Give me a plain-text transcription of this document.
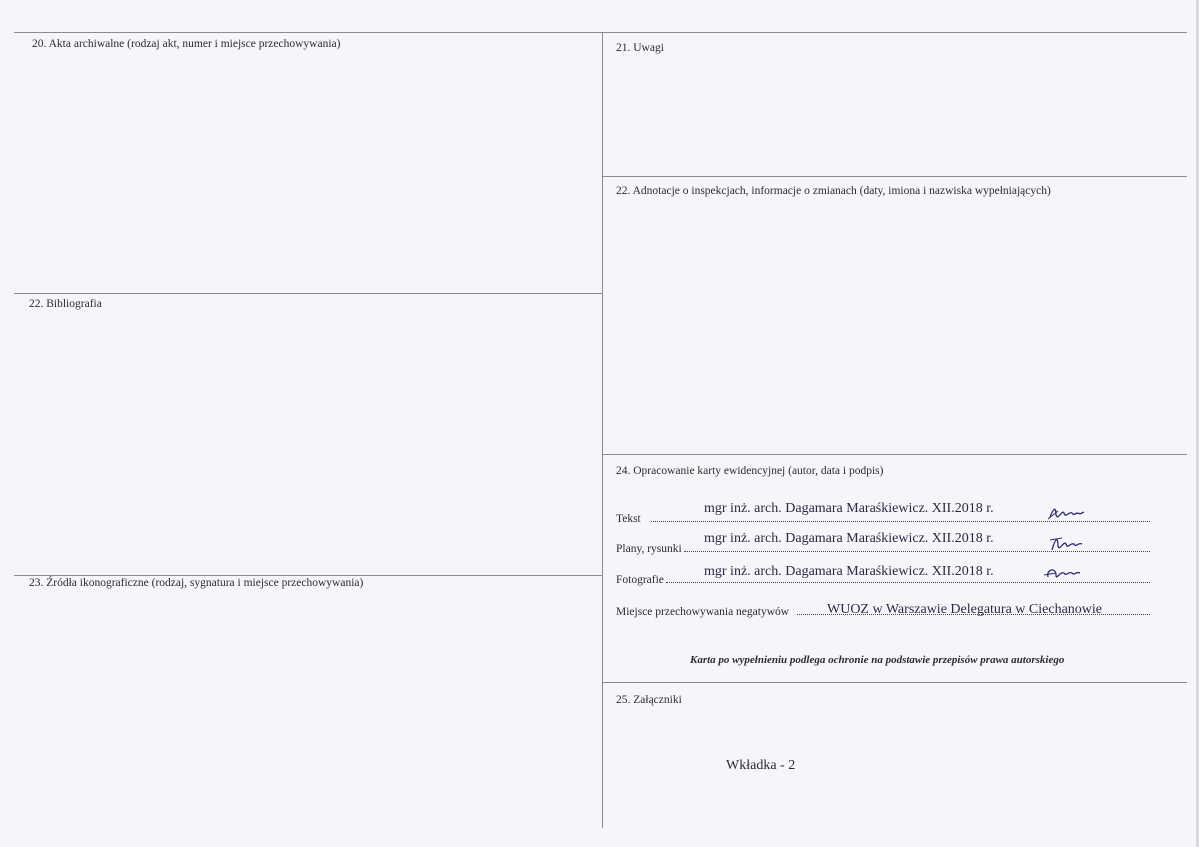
20. Akta archiwalne (rodzaj akt, numer i miejsce przechowywania)	21. Uwagi
22. Adnotacje o inspekcjach, informacje o zmianach (daty, imiona i nazwiska wypełniających)
22. Bibliografia
23. Źródła ikonograficzne (rodzaj, sygnatura i miejsce przechowywania)
24. Opracowanie karty ewidencyjnej (autor, data i podpis)
25. Załączniki
Tekst
mgr inż. arch. Dagamara Maraśkiewicz. XII.2018 r.
Plany, rysunki
mgr inż. arch. Dagamara Maraśkiewicz. XII.2018 r.
Fotografie
mgr inż. arch. Dagamara Maraśkiewicz. XII.2018 r.
Miejsce przechowywania negatywów	WUOZ w Warszawie Delegatura w Ciechanowie
Karta po wypełnieniu podlega ochronie na podstawie przepisów prawa autorskiego
Wkładka - 2
